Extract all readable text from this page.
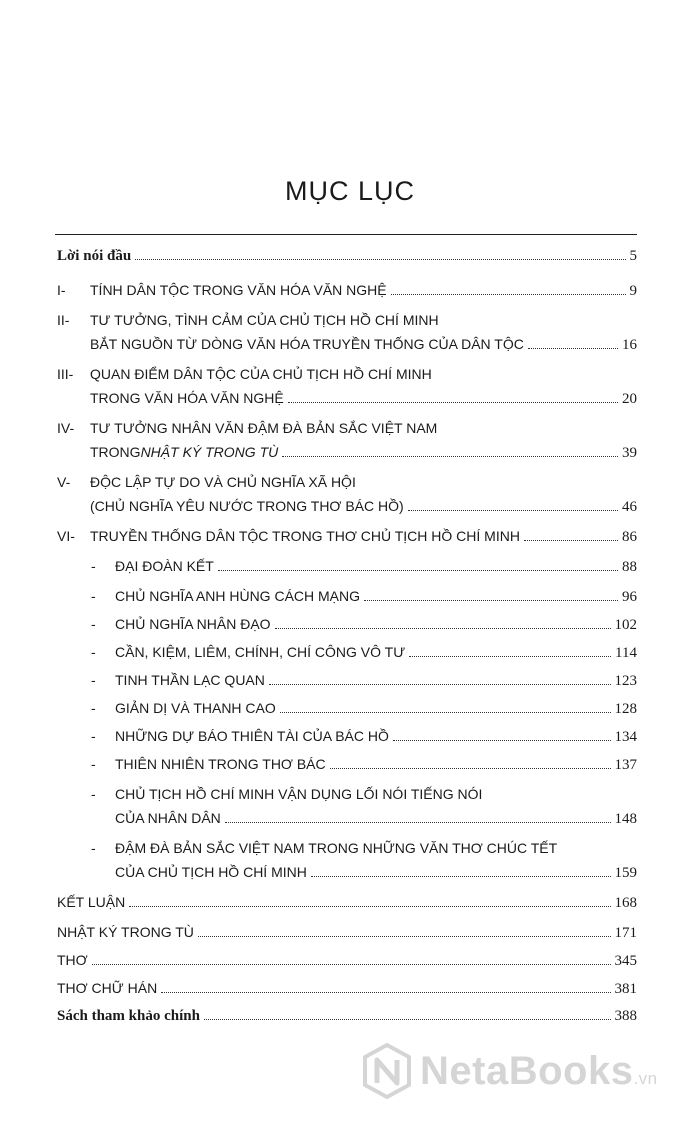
MỤC LỤC
Lời nói đầu	5
I-	TÍNH DÂN TỘC TRONG VĂN HÓA VĂN NGHỆ	9
II-	TƯ TƯỞNG, TÌNH CẢM CỦA CHỦ TỊCH HỒ CHÍ MINH
BẮT NGUỒN TỪ DÒNG VĂN HÓA TRUYỀN THỐNG CỦA DÂN TỘC	16
III-	QUAN ĐIỂM DÂN TỘC CỦA CHỦ TỊCH HỒ CHÍ MINH
TRONG VĂN HÓA VĂN NGHỆ	20
IV-	TƯ TƯỞNG NHÂN VĂN ĐẬM ĐÀ BẢN SẮC VIỆT NAM
TRONG NHẬT KÝ TRONG TÙ	39
V-	ĐỘC LẬP TỰ DO VÀ CHỦ NGHĨA XÃ HỘI
(CHỦ NGHĨA YÊU NƯỚC TRONG THƠ BÁC HỒ)	46
VI-	TRUYỀN THỐNG DÂN TỘC TRONG THƠ CHỦ TỊCH HỒ CHÍ MINH	86
-	ĐẠI ĐOÀN KẾT	88
-	CHỦ NGHĨA ANH HÙNG CÁCH MẠNG	96
-	CHỦ NGHĨA NHÂN ĐẠO	102
-	CẦN, KIỆM, LIÊM, CHÍNH, CHÍ CÔNG VÔ TƯ	114
-	TINH THẦN LẠC QUAN	123
-	GIẢN DỊ VÀ THANH CAO	128
-	NHỮNG DỰ BÁO THIÊN TÀI CỦA BÁC HỒ	134
-	THIÊN NHIÊN TRONG THƠ BÁC	137
-	CHỦ TỊCH HỒ CHÍ MINH VẬN DỤNG LỐI NÓI TIẾNG NÓI
CỦA NHÂN DÂN	148
-	ĐẬM ĐÀ BẢN SẮC VIỆT NAM TRONG NHỮNG VĂN THƠ CHÚC TẾT
CỦA CHỦ TỊCH HỒ CHÍ MINH	159
KẾT LUẬN	168
NHẬT KÝ TRONG TÙ	171
THƠ	345
THƠ CHỮ HÁN	381
Sách tham khảo chính	388
NetaBooks.vn
